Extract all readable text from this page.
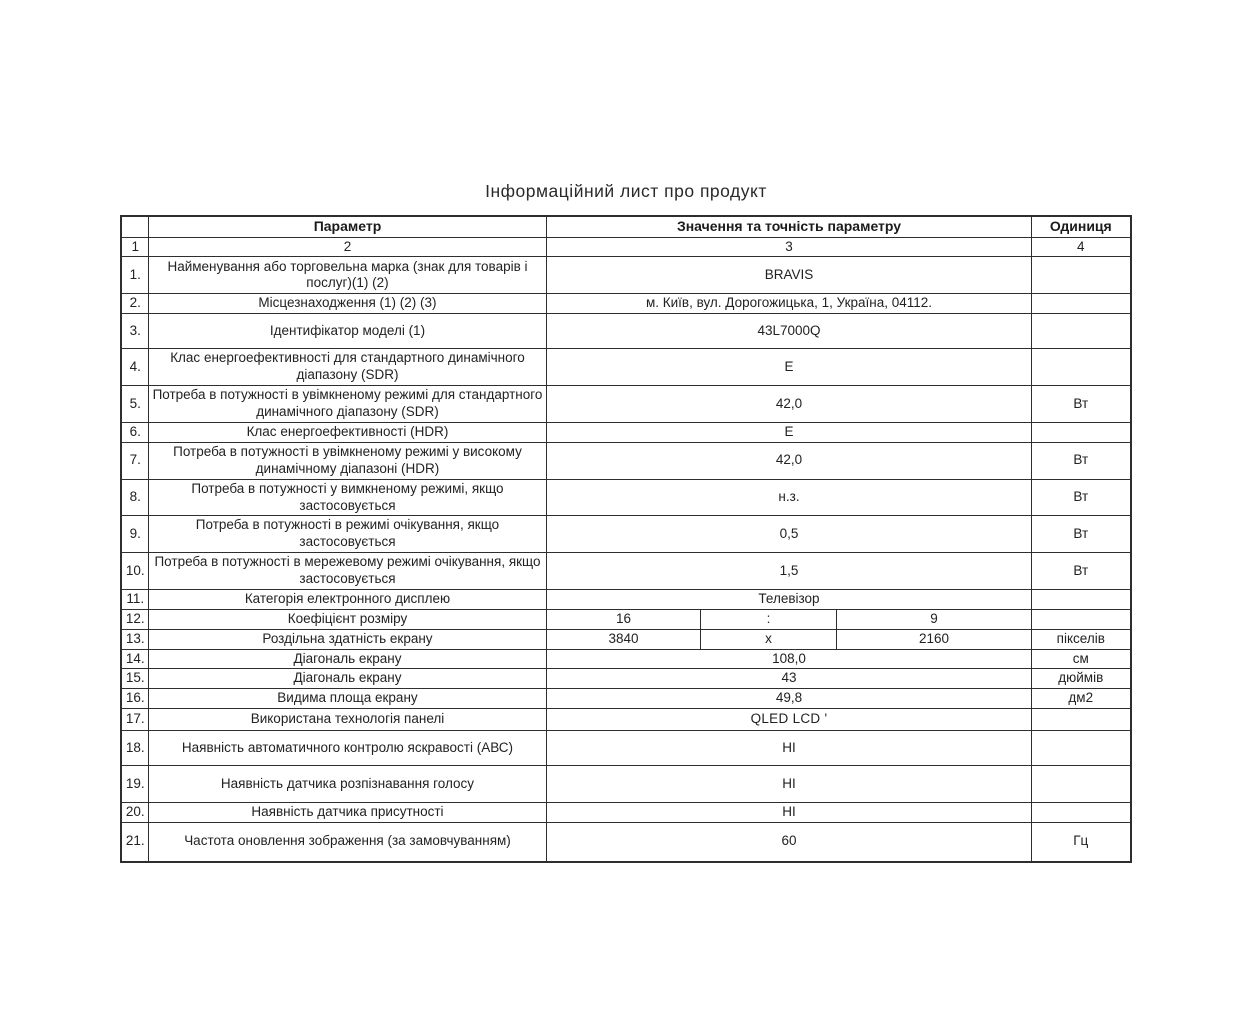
Інформаційний лист про продукт
	Параметр	Значення та точність параметру			Одиниця
1	2	3			4
1.	Найменування або торговельна марка (знак для товарів і послуг)(1) (2)	BRAVIS			
2.	Місцезнаходження (1) (2) (3)	м. Київ, вул. Дорогожицька, 1, Україна, 04112.			
3.	Ідентифікатор моделі (1)	43L7000Q			
4.	Клас енергоефективності для стандартного динамічного діапазону (SDR)	E			
5.	Потреба в потужності в увімкненому режимі для стандартного динамічного діапазону (SDR)	42,0			Вт
6.	Клас енергоефективності (HDR)	E			
7.	Потреба в потужності в увімкненому режимі у високому динамічному діапазоні (HDR)	42,0			Вт
8.	Потреба в потужності у вимкненому режимі, якщо застосовується	н.з.			Вт
9.	Потреба в потужності в режимі очікування, якщо застосовується	0,5			Вт
10.	Потреба в потужності в мережевому режимі очікування, якщо застосовується	1,5			Вт
11.	Категорія електронного дисплею	Телевізор			
12.	Коефіцієнт розміру	16	:	9	
13.	Роздільна здатність екрану	3840	x	2160	пікселів
14.	Діагональ екрану	108,0			см
15.	Діагональ екрану	43			дюймів
16.	Видима площа екрану	49,8			дм2
17.	Використана технологія панелі	QLED LCD '			
18.	Наявність автоматичного контролю яскравості (АВС)	НІ			
19.	Наявність датчика розпізнавання голосу	НІ			
20.	Наявність датчика присутності	НІ			
21.	Частота оновлення зображення (за замовчуванням)	60			Гц
